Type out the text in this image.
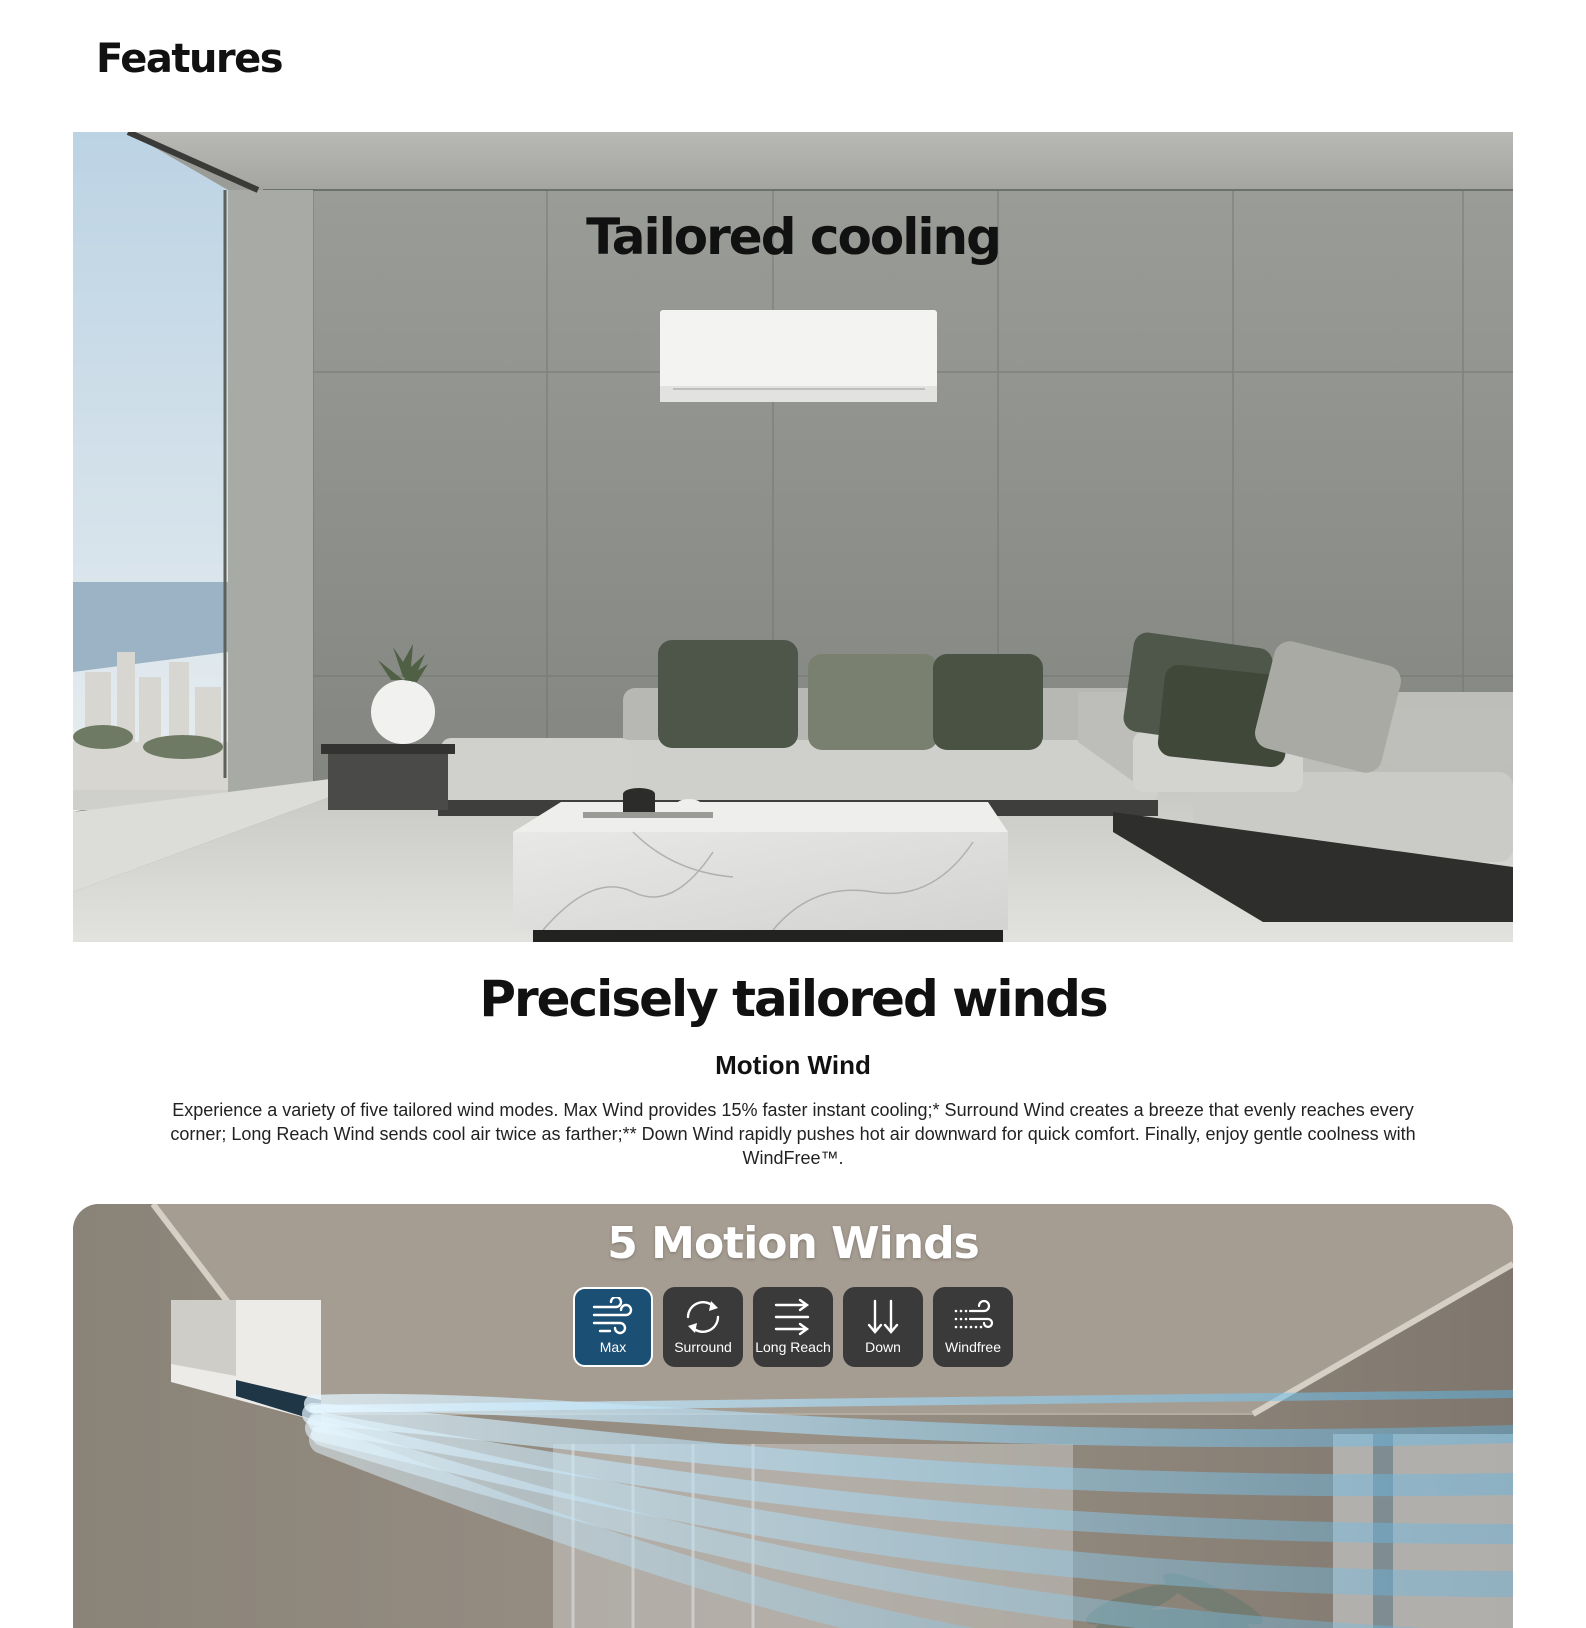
Features
Tailored cooling
Precisely tailored winds
Motion Wind
Experience a variety of five tailored wind modes. Max Wind provides 15% faster instant cooling;* Surround Wind creates a breeze that evenly reaches every corner; Long Reach Wind sends cool air twice as farther;** Down Wind rapidly pushes hot air downward for quick comfort. Finally, enjoy gentle coolness with WindFree™.
5 Motion Winds
Max	Surround Long Reach Down	Windfree
